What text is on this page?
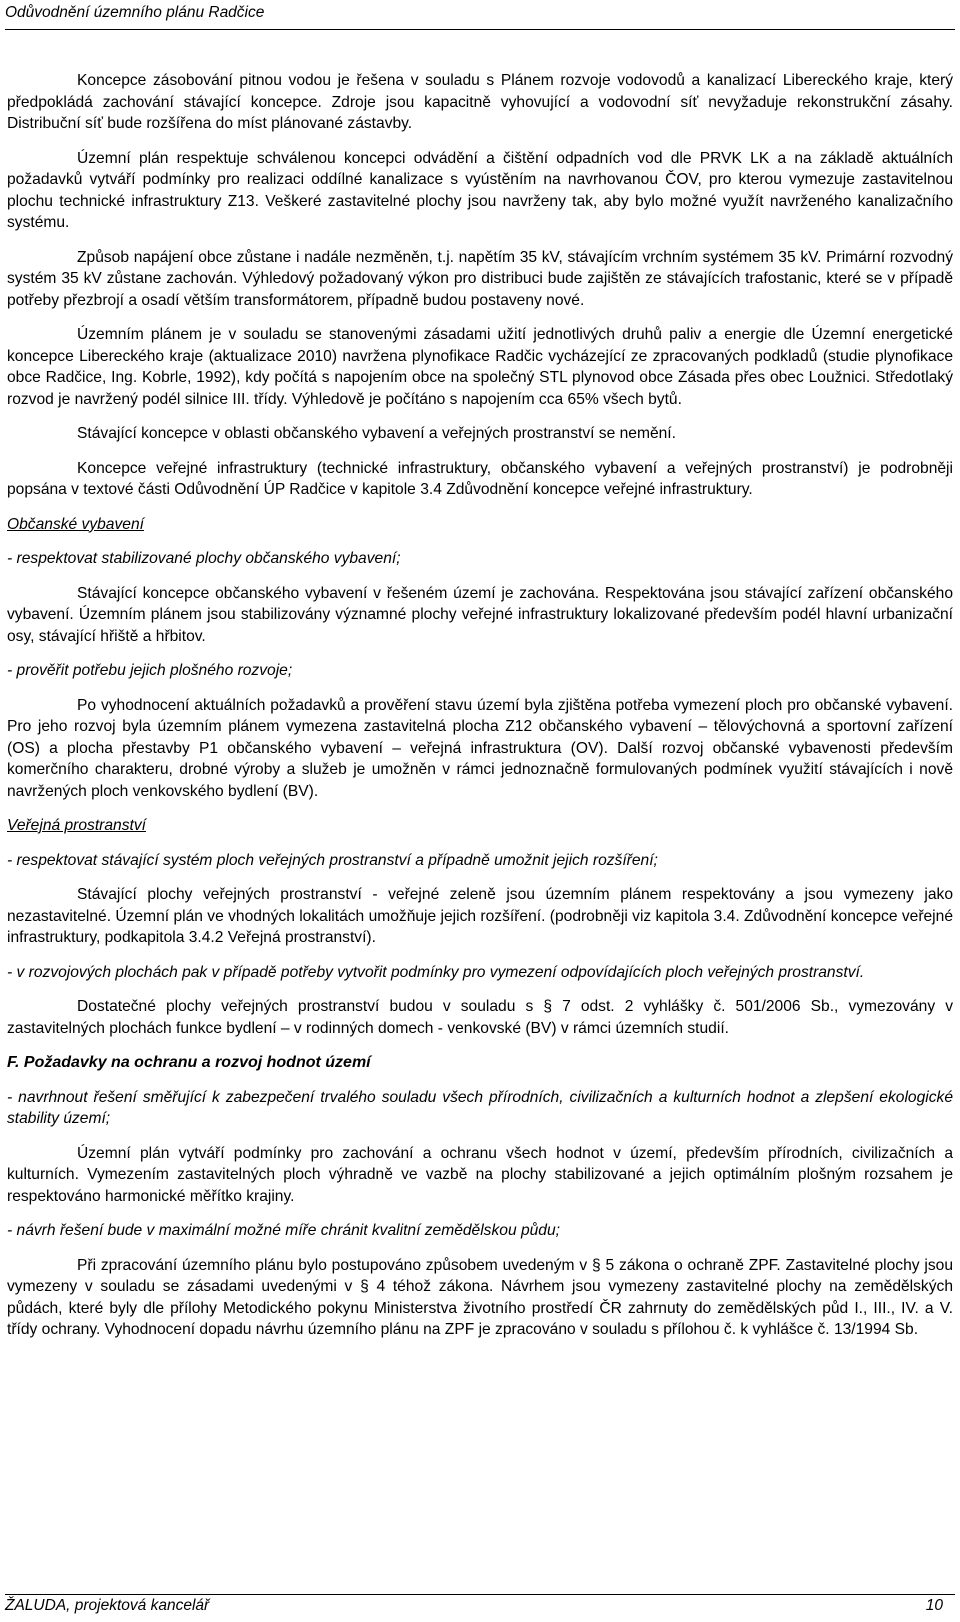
Odůvodnění územního plánu Radčice

Koncepce zásobování pitnou vodou je řešena v souladu s Plánem rozvoje vodovodů a kanalizací Libereckého kraje, který předpokládá zachování stávající koncepce. Zdroje jsou kapacitně vyhovující a vodovodní síť nevyžaduje rekonstrukční zásahy. Distribuční síť bude rozšířena do míst plánované zástavby.

Územní plán respektuje schválenou koncepci odvádění a čištění odpadních vod dle PRVK LK a na základě aktuálních požadavků vytváří podmínky pro realizaci oddílné kanalizace s vyústěním na navrhovanou ČOV, pro kterou vymezuje zastavitelnou plochu technické infrastruktury Z13. Veškeré zastavitelné plochy jsou navrženy tak, aby bylo možné využít navrženého kanalizačního systému.

Způsob napájení obce zůstane i nadále nezměněn, t.j. napětím 35 kV, stávajícím vrchním systémem 35 kV. Primární rozvodný systém 35 kV zůstane zachován. Výhledový požadovaný výkon pro distribuci bude zajištěn ze stávajících trafostanic, které se v případě potřeby přezbrojí a osadí větším transformátorem, případně budou postaveny nové.

Územním plánem je v souladu se stanovenými zásadami užití jednotlivých druhů paliv a energie dle Územní energetické koncepce Libereckého kraje (aktualizace 2010) navržena plynofikace Radčic vycházející ze zpracovaných podkladů (studie plynofikace obce Radčice, Ing. Kobrle, 1992), kdy počítá s napojením obce na společný STL plynovod obce Zásada přes obec Loužnici. Středotlaký rozvod je navržený podél silnice III. třídy. Výhledově je počítáno s napojením cca 65% všech bytů.

Stávající koncepce v oblasti občanského vybavení a veřejných prostranství se nemění.

Koncepce veřejné infrastruktury (technické infrastruktury, občanského vybavení a veřejných prostranství) je podrobněji popsána v textové části Odůvodnění ÚP Radčice v kapitole 3.4 Zdůvodnění koncepce veřejné infrastruktury.

Občanské vybavení

- respektovat stabilizované plochy občanského vybavení;

Stávající koncepce občanského vybavení v řešeném území je zachována. Respektována jsou stávající zařízení občanského vybavení. Územním plánem jsou stabilizovány významné plochy veřejné infrastruktury lokalizované především podél hlavní urbanizační osy, stávající hřiště a hřbitov.

- prověřit potřebu jejich plošného rozvoje;

Po vyhodnocení aktuálních požadavků a prověření stavu území byla zjištěna potřeba vymezení ploch pro občanské vybavení. Pro jeho rozvoj byla územním plánem vymezena zastavitelná plocha Z12 občanského vybavení – tělovýchovná a sportovní zařízení (OS) a plocha přestavby P1 občanského vybavení – veřejná infrastruktura (OV). Další rozvoj občanské vybavenosti především komerčního charakteru, drobné výroby a služeb je umožněn v rámci jednoznačně formulovaných podmínek využití stávajících i nově navržených ploch venkovského bydlení (BV).

Veřejná prostranství

- respektovat stávající systém ploch veřejných prostranství a případně umožnit jejich rozšíření;

Stávající plochy veřejných prostranství - veřejné zeleně jsou územním plánem respektovány a jsou vymezeny jako nezastavitelné. Územní plán ve vhodných lokalitách umožňuje jejich rozšíření. (podrobněji viz kapitola 3.4. Zdůvodnění koncepce veřejné infrastruktury, podkapitola 3.4.2 Veřejná prostranství).

- v rozvojových plochách pak v případě potřeby vytvořit podmínky pro vymezení odpovídajících ploch veřejných prostranství.

Dostatečné plochy veřejných prostranství budou v souladu s § 7 odst. 2 vyhlášky č. 501/2006 Sb., vymezovány v zastavitelných plochách funkce bydlení – v rodinných domech - venkovské (BV) v rámci územních studií.

F. Požadavky na ochranu a rozvoj hodnot území

- navrhnout řešení směřující k zabezpečení trvalého souladu všech přírodních, civilizačních a kulturních hodnot a zlepšení ekologické stability území;

Územní plán vytváří podmínky pro zachování a ochranu všech hodnot v území, především přírodních, civilizačních a kulturních. Vymezením zastavitelných ploch výhradně ve vazbě na plochy stabilizované a jejich optimálním plošným rozsahem je respektováno harmonické měřítko krajiny.

- návrh řešení bude v maximální možné míře chránit kvalitní zemědělskou půdu;

Při zpracování územního plánu bylo postupováno způsobem uvedeným v § 5 zákona o ochraně ZPF. Zastavitelné plochy jsou vymezeny v souladu se zásadami uvedenými v § 4 téhož zákona. Návrhem jsou vymezeny zastavitelné plochy na zemědělských půdách, které byly dle přílohy Metodického pokynu Ministerstva životního prostředí ČR zahrnuty do zemědělských půd I., III., IV. a V. třídy ochrany. Vyhodnocení dopadu návrhu územního plánu na ZPF je zpracováno v souladu s přílohou č. k vyhlášce č. 13/1994 Sb.

ŽALUDA, projektová kancelář	10
